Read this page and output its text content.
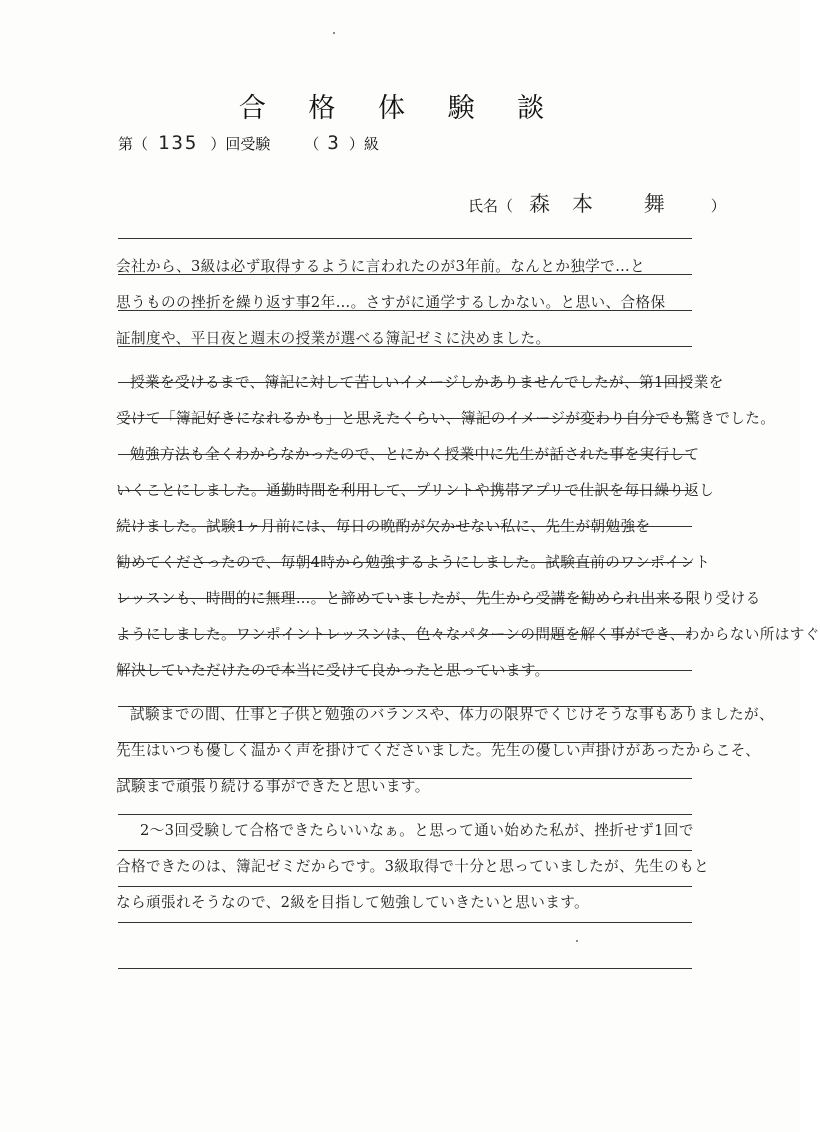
合 格 体 験 談
第（ 135 ）回受験 （ 3 ）級
氏名（ 森本 舞 ）
会社から、3級は必ず取得するように言われたのが3年前。なんとか独学で…と
思うものの挫折を繰り返す事2年…。さすがに通学するしかない。と思い、合格保
証制度や、平日夜と週末の授業が選べる簿記ゼミに決めました。
授業を受けるまで、簿記に対して苦しいイメージしかありませんでしたが、第1回授業を
受けて「簿記好きになれるかも」と思えたくらい、簿記のイメージが変わり自分でも驚きでした。
勉強方法も全くわからなかったので、とにかく授業中に先生が話された事を実行して
いくことにしました。通勤時間を利用して、プリントや携帯アプリで仕訳を毎日繰り返し
続けました。試験1ヶ月前には、毎日の晩酌が欠かせない私に、先生が朝勉強を
勧めてくださったので、毎朝4時から勉強するようにしました。試験直前のワンポイント
レッスンも、時間的に無理…。と諦めていましたが、先生から受講を勧められ出来る限り受ける
ようにしました。ワンポイントレッスンは、色々なパターンの問題を解く事ができ、わからない所はすぐ
解決していただけたので本当に受けて良かったと思っています。
試験までの間、仕事と子供と勉強のバランスや、体力の限界でくじけそうな事もありましたが、
先生はいつも優しく温かく声を掛けてくださいました。先生の優しい声掛けがあったからこそ、
試験まで頑張り続ける事ができたと思います。
2～3回受験して合格できたらいいなぁ。と思って通い始めた私が、挫折せず1回で
合格できたのは、簿記ゼミだからです。3級取得で十分と思っていましたが、先生のもと
なら頑張れそうなので、2級を目指して勉強していきたいと思います。
